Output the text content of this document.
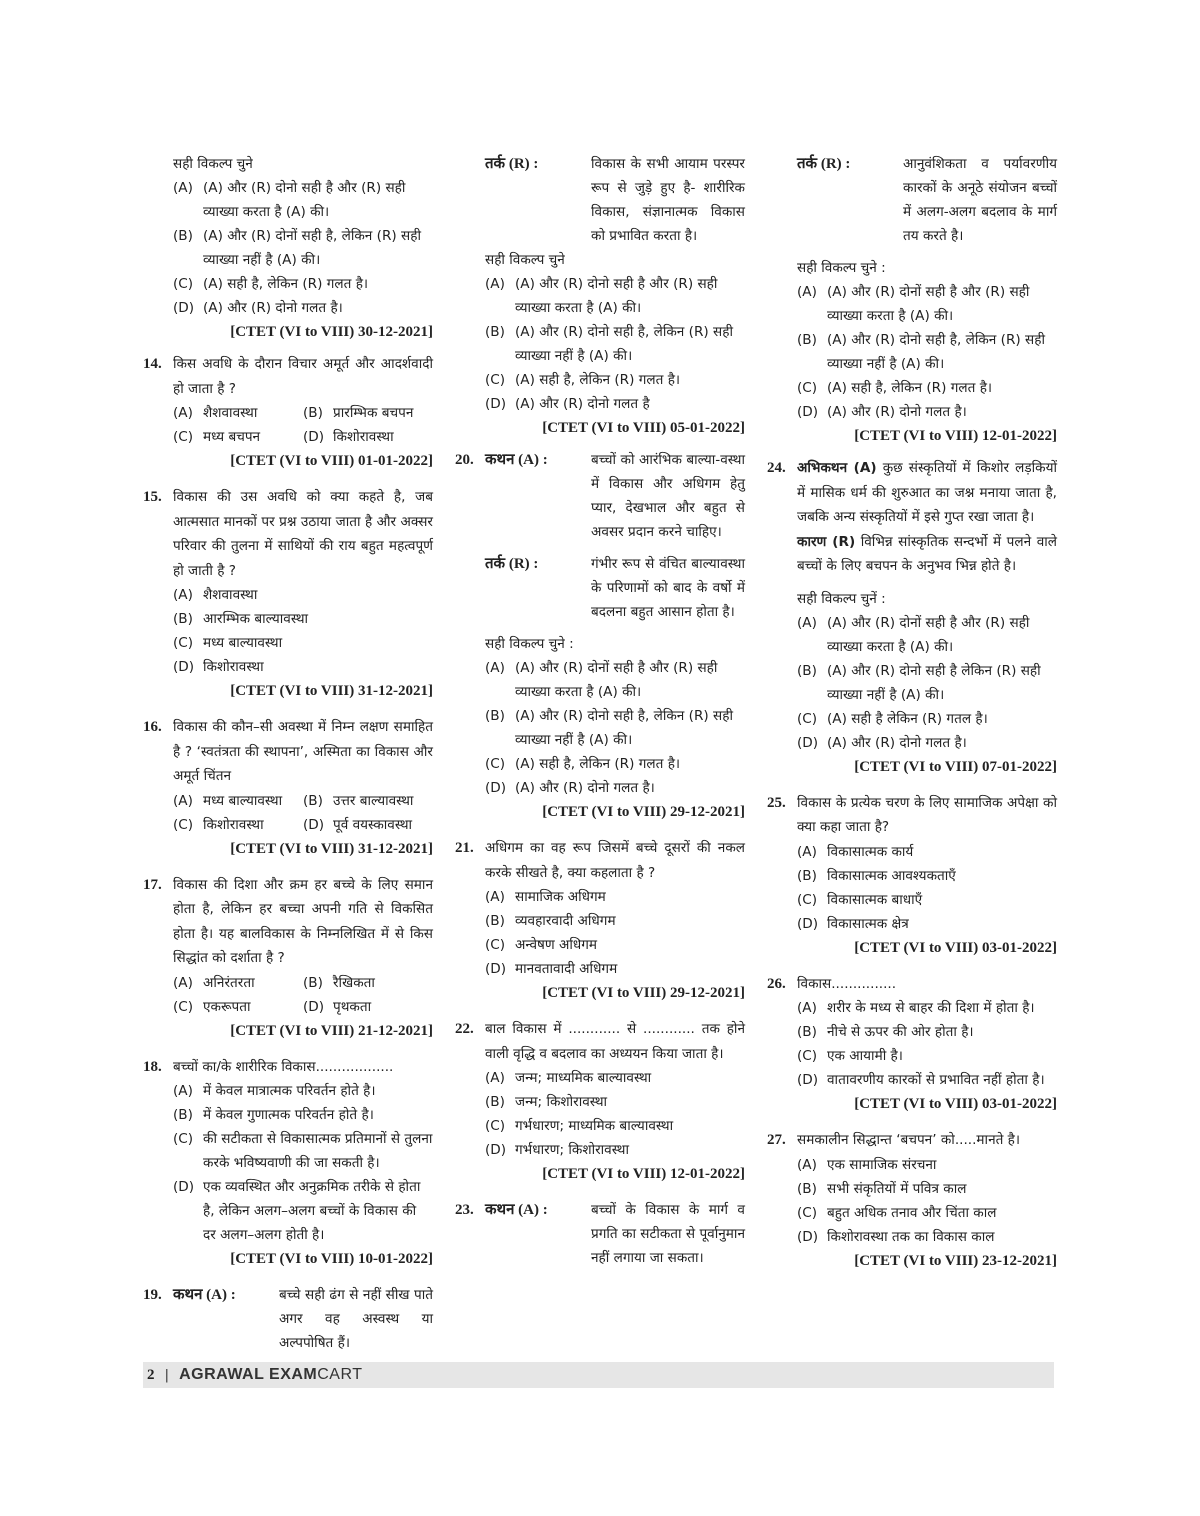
सही विकल्प चुने
(A) (A) और (R) दोनो सही है और (R) सही व्याख्या करता है (A) की।
(B) (A) और (R) दोनों सही है, लेकिन (R) सही व्याख्या नहीं है (A) की।
(C) (A) सही है, लेकिन (R) गलत है।
(D) (A) और (R) दोनो गलत है।
[CTET (VI to VIII) 30-12-2021]
14. किस अवधि के दौरान विचार अमूर्त और आदर्शवादी हो जाता है ?
(A) शैशवावस्था	(B) प्रारम्भिक बचपन
(C) मध्य बचपन	(D) किशोरावस्था
[CTET (VI to VIII) 01-01-2022]
15. विकास की उस अवधि को क्या कहते है, जब आत्मसात मानकों पर प्रश्न उठाया जाता है और अक्सर परिवार की तुलना में साथियों की राय बहुत महत्वपूर्ण हो जाती है ?
(A) शैशवावस्था
(B) आरम्भिक बाल्यावस्था
(C) मध्य बाल्यावस्था
(D) किशोरावस्था
[CTET (VI to VIII) 31-12-2021]
16. विकास की कौन–सी अवस्था में निम्न लक्षण समाहित है ? ‘स्वतंत्रता की स्थापना’, अस्मिता का विकास और अमूर्त चिंतन
(A) मध्य बाल्यावस्था (B) उत्तर बाल्यावस्था
(C) किशोरावस्था	(D) पूर्व वयस्कावस्था
[CTET (VI to VIII) 31-12-2021]
17. विकास की दिशा और क्रम हर बच्चे के लिए समान होता है, लेकिन हर बच्चा अपनी गति से विकसित होता है। यह बालविकास के निम्नलिखित में से किस सिद्धांत को दर्शाता है ?
(A) अनिरंतरता	(B) रैखिकता
(C) एकरूपता	(D) पृथकता
[CTET (VI to VIII) 21-12-2021]
18. बच्चों का/के शारीरिक विकास..................
(A) में केवल मात्रात्मक परिवर्तन होते है।
(B) में केवल गुणात्मक परिवर्तन होते है।
(C) की सटीकता से विकासात्मक प्रतिमानों से तुलना करके भविष्यवाणी की जा सकती है।
(D) एक व्यवस्थित और अनुक्रमिक तरीके से होता है, लेकिन अलग–अलग बच्चों के विकास की दर अलग–अलग होती है।
[CTET (VI to VIII) 10-01-2022]
19. कथन (A) :	बच्चे सही ढंग से नहीं सीख पाते अगर वह अस्वस्थ या अल्पपोषित हैं।
तर्क (R) :	विकास के सभी आयाम परस्पर रूप से जुड़े हुए है- शारीरिक विकास, संज्ञानात्मक विकास को प्रभावित करता है।
सही विकल्प चुने
(A) (A) और (R) दोनो सही है और (R) सही व्याख्या करता है (A) की।
(B) (A) और (R) दोनो सही है, लेकिन (R) सही व्याख्या नहीं है (A) की।
(C) (A) सही है, लेकिन (R) गलत है।
(D) (A) और (R) दोनो गलत है
[CTET (VI to VIII) 05-01-2022]
20. कथन (A) :	बच्चों को आरंभिक बाल्या-वस्था में विकास और अधिगम हेतु प्यार, देखभाल और बहुत से अवसर प्रदान करने चाहिए।
तर्क (R) :	गंभीर रूप से वंचित बाल्यावस्था के परिणामों को बाद के वर्षो में बदलना बहुत आसान होता है।
सही विकल्प चुने :
(A) (A) और (R) दोनों सही है और (R) सही व्याख्या करता है (A) की।
(B) (A) और (R) दोनो सही है, लेकिन (R) सही व्याख्या नहीं है (A) की।
(C) (A) सही है, लेकिन (R) गलत है।
(D) (A) और (R) दोनो गलत है।
[CTET (VI to VIII) 29-12-2021]
21. अधिगम का वह रूप जिसमें बच्चे दूसरों की नकल करके सीखते है, क्या कहलाता है ?
(A) सामाजिक अधिगम
(B) व्यवहारवादी अधिगम
(C) अन्वेषण अधिगम
(D) मानवतावादी अधिगम
[CTET (VI to VIII) 29-12-2021]
22. बाल विकास में ............ से ............ तक होने वाली वृद्धि व बदलाव का अध्ययन किया जाता है।
(A) जन्म; माध्यमिक बाल्यावस्था
(B) जन्म; किशोरावस्था
(C) गर्भधारण; माध्यमिक बाल्यावस्था
(D) गर्भधारण; किशोरावस्था
[CTET (VI to VIII) 12-01-2022]
23. कथन (A) :	बच्चों के विकास के मार्ग व प्रगति का सटीकता से पूर्वानुमान नहीं लगाया जा सकता।
तर्क (R) :	आनुवंशिकता व पर्यावरणीय कारकों के अनूठे संयोजन बच्चों में अलग-अलग बदलाव के मार्ग तय करते है।
सही विकल्प चुने :
(A) (A) और (R) दोनों सही है और (R) सही व्याख्या करता है (A) की।
(B) (A) और (R) दोनो सही है, लेकिन (R) सही व्याख्या नहीं है (A) की।
(C) (A) सही है, लेकिन (R) गलत है।
(D) (A) और (R) दोनो गलत है।
[CTET (VI to VIII) 12-01-2022]
24. अभिकथन (A) कुछ संस्कृतियों में किशोर लड़कियों में मासिक धर्म की शुरुआत का जश्न मनाया जाता है, जबकि अन्य संस्कृतियों में इसे गुप्त रखा जाता है।
कारण (R) विभिन्न सांस्कृतिक सन्दर्भो में पलने वाले बच्चों के लिए बचपन के अनुभव भिन्न होते है।
सही विकल्प चुनें :
(A) (A) और (R) दोनों सही है और (R) सही व्याख्या करता है (A) की।
(B) (A) और (R) दोनो सही है लेकिन (R) सही व्याख्या नहीं है (A) की।
(C) (A) सही है लेकिन (R) गतल है।
(D) (A) और (R) दोनो गलत है।
[CTET (VI to VIII) 07-01-2022]
25. विकास के प्रत्येक चरण के लिए सामाजिक अपेक्षा को क्या कहा जाता है?
(A) विकासात्मक कार्य
(B) विकासात्मक आवश्यकताएँ
(C) विकासात्मक बाधाएँ
(D) विकासात्मक क्षेत्र
[CTET (VI to VIII) 03-01-2022]
26. विकास...............
(A) शरीर के मध्य से बाहर की दिशा में होता है।
(B) नीचे से ऊपर की ओर होता है।
(C) एक आयामी है।
(D) वातावरणीय कारकों से प्रभावित नहीं होता है।
[CTET (VI to VIII) 03-01-2022]
27. समकालीन सिद्धान्त ‘बचपन’ को.....मानते है।
(A) एक सामाजिक संरचना
(B) सभी संकृतियों में पवित्र काल
(C) बहुत अधिक तनाव और चिंता काल
(D) किशोरावस्था तक का विकास काल
[CTET (VI to VIII) 23-12-2021]
2 | AGRAWAL EXAMCART
